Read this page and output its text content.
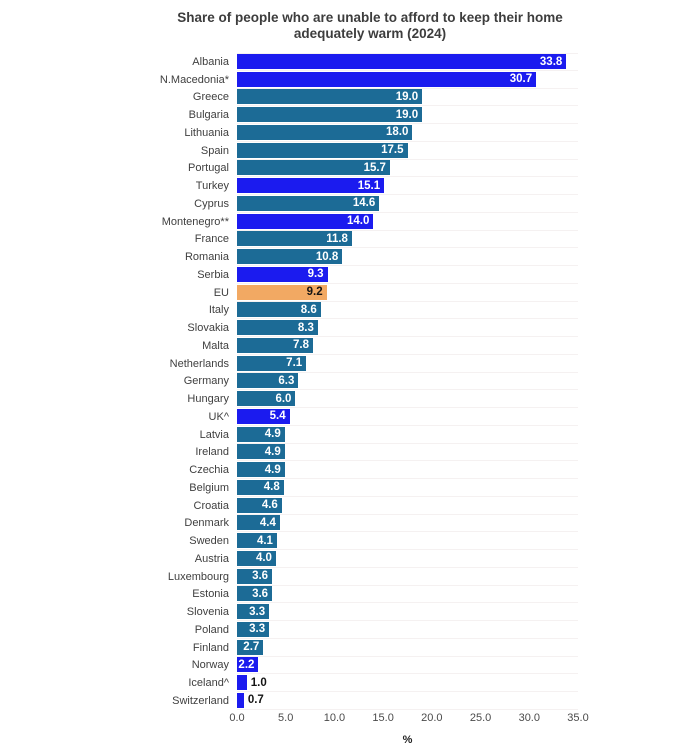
Share of people who are unable to afford to keep their home adequately warm (2024)
Albania	33.8
N.Macedonia*	30.7
Greece	19.0
Bulgaria	19.0
Lithuania	18.0
Spain	17.5
Portugal	15.7
Turkey	15.1
Cyprus	14.6
Montenegro**	14.0
France	11.8
Romania	10.8
Serbia	9.3
EU	9.2
Italy	8.6
Slovakia	8.3
Malta	7.8
Netherlands	7.1
Germany	6.3
Hungary	6.0
UK^	5.4
Latvia	4.9
Ireland	4.9
Czechia	4.9
Belgium	4.8
Croatia	4.6
Denmark	4.4
Sweden	4.1
Austria	4.0
Luxembourg	3.6
Estonia	3.6
Slovenia	3.3
Poland	3.3
Finland	2.7
Norway 2.2
Iceland^	1.0
Switzerland	0.7
0.0	5.0	10.0 15.0 20.0 25.0 30.0 35.0
%
